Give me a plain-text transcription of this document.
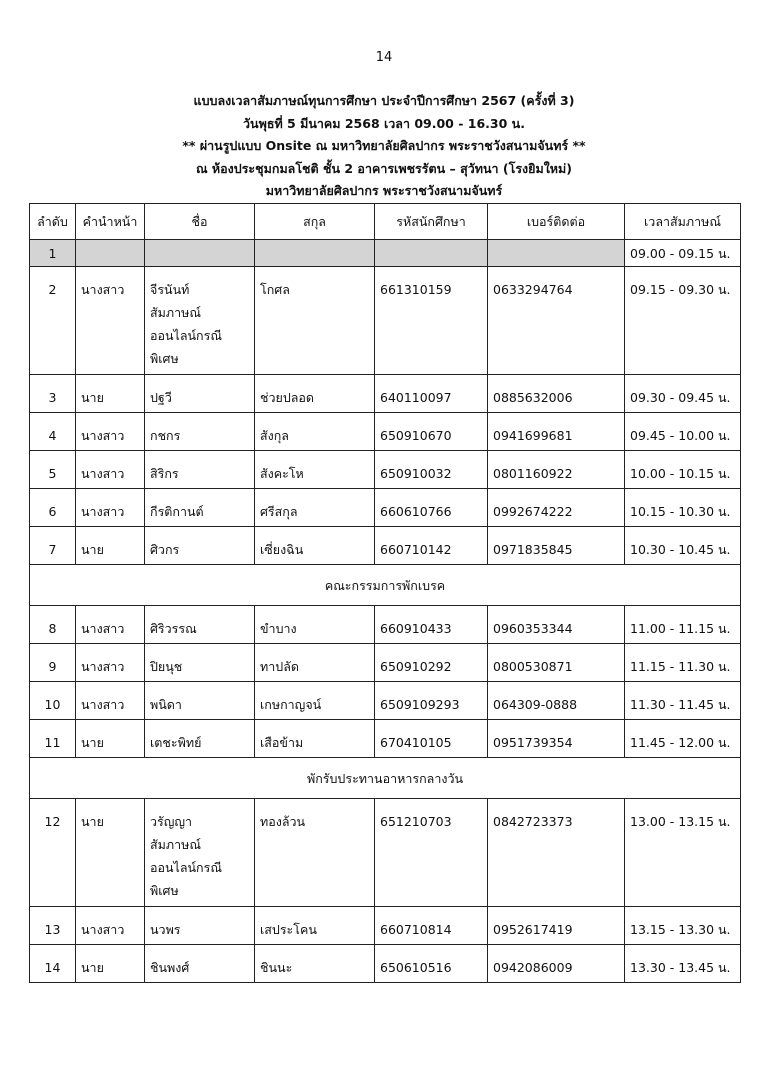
14
แบบลงเวลาสัมภาษณ์ทุนการศึกษา ประจำปีการศึกษา 2567 (ครั้งที่ 3)
วันพุธที่ 5 มีนาคม 2568 เวลา 09.00 - 16.30 น.
** ผ่านรูปแบบ Onsite ณ มหาวิทยาลัยศิลปากร พระราชวังสนามจันทร์ **
ณ ห้องประชุมกมลโชติ ชั้น 2 อาคารเพชรรัตน – สุวัทนา (โรงยิมใหม่)
มหาวิทยาลัยศิลปากร พระราชวังสนามจันทร์
ลำดับ	คำนำหน้า	ชื่อ	สกุล	รหัสนักศึกษา	เบอร์ติดต่อ	เวลาสัมภาษณ์
1						09.00 - 09.15 น.
2	นางสาว	จีรนันท์
สัมภาษณ์
ออนไลน์กรณี
พิเศษ	โกศล	661310159	0633294764	09.15 - 09.30 น.
3	นาย	ปฐวี	ช่วยปลอด	640110097	0885632006	09.30 - 09.45 น.
4	นางสาว	กชกร	สังกุล	650910670	0941699681	09.45 - 10.00 น.
5	นางสาว	สิริกร	สังคะโห	650910032	0801160922	10.00 - 10.15 น.
6	นางสาว	กีรติกานต์	ศรีสกุล	660610766	0992674222	10.15 - 10.30 น.
7	นาย	ศิวกร	เซี่ยงฉิน	660710142	0971835845	10.30 - 10.45 น.
คณะกรรมการพักเบรค						
8	นางสาว	ศิริวรรณ	ขำบาง	660910433	0960353344	11.00 - 11.15 น.
9	นางสาว	ปิยนุช	ทาปลัด	650910292	0800530871	11.15 - 11.30 น.
10	นางสาว	พนิดา	เกษกาญจน์	6509109293	064309-0888	11.30 - 11.45 น.
11	นาย	เตชะพิทย์	เสือข้าม	670410105	0951739354	11.45 - 12.00 น.
พักรับประทานอาหารกลางวัน						
12	นาย	วรัญญา
สัมภาษณ์
ออนไลน์กรณี
พิเศษ	ทองล้วน	651210703	0842723373	13.00 - 13.15 น.
13	นางสาว	นวพร	เสประโคน	660710814	0952617419	13.15 - 13.30 น.
14	นาย	ชินพงศ์	ชินนะ	650610516	0942086009	13.30 - 13.45 น.
